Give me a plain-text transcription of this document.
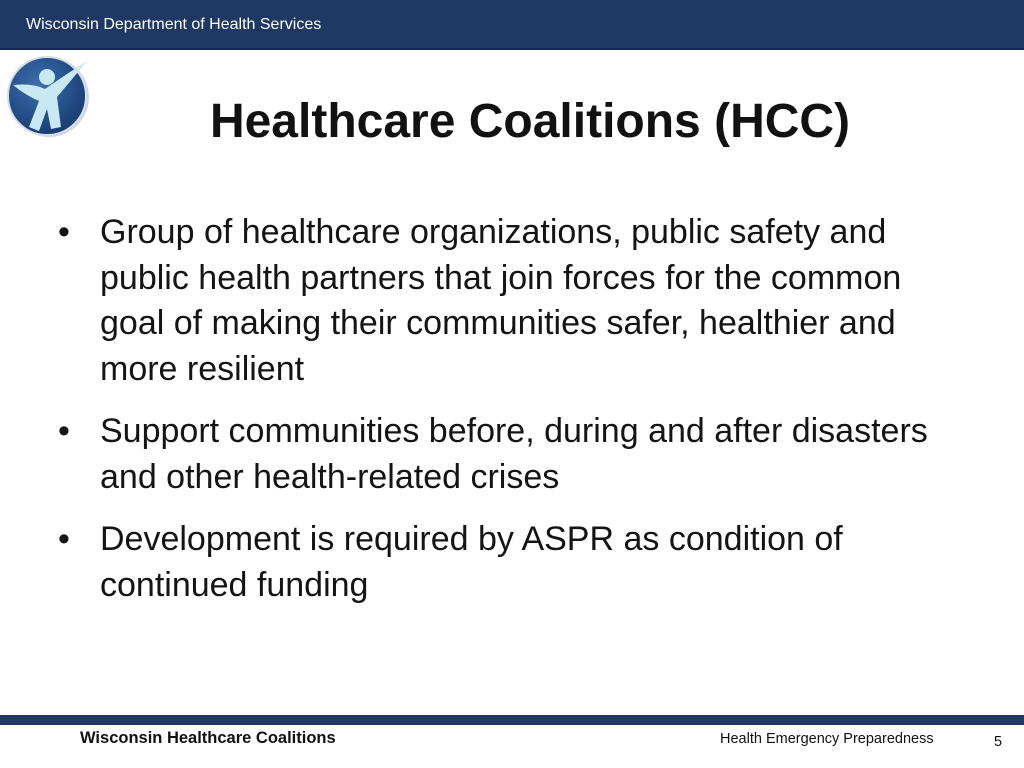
Wisconsin Department of Health Services
Healthcare Coalitions (HCC)
• Group of healthcare organizations, public safety and public health partners that join forces for the common goal of making their communities safer, healthier and more resilient
• Support communities before, during and after disasters and other health-related crises
• Development is required by ASPR as condition of continued funding
Wisconsin Healthcare Coalitions	Health Emergency Preparedness	5
